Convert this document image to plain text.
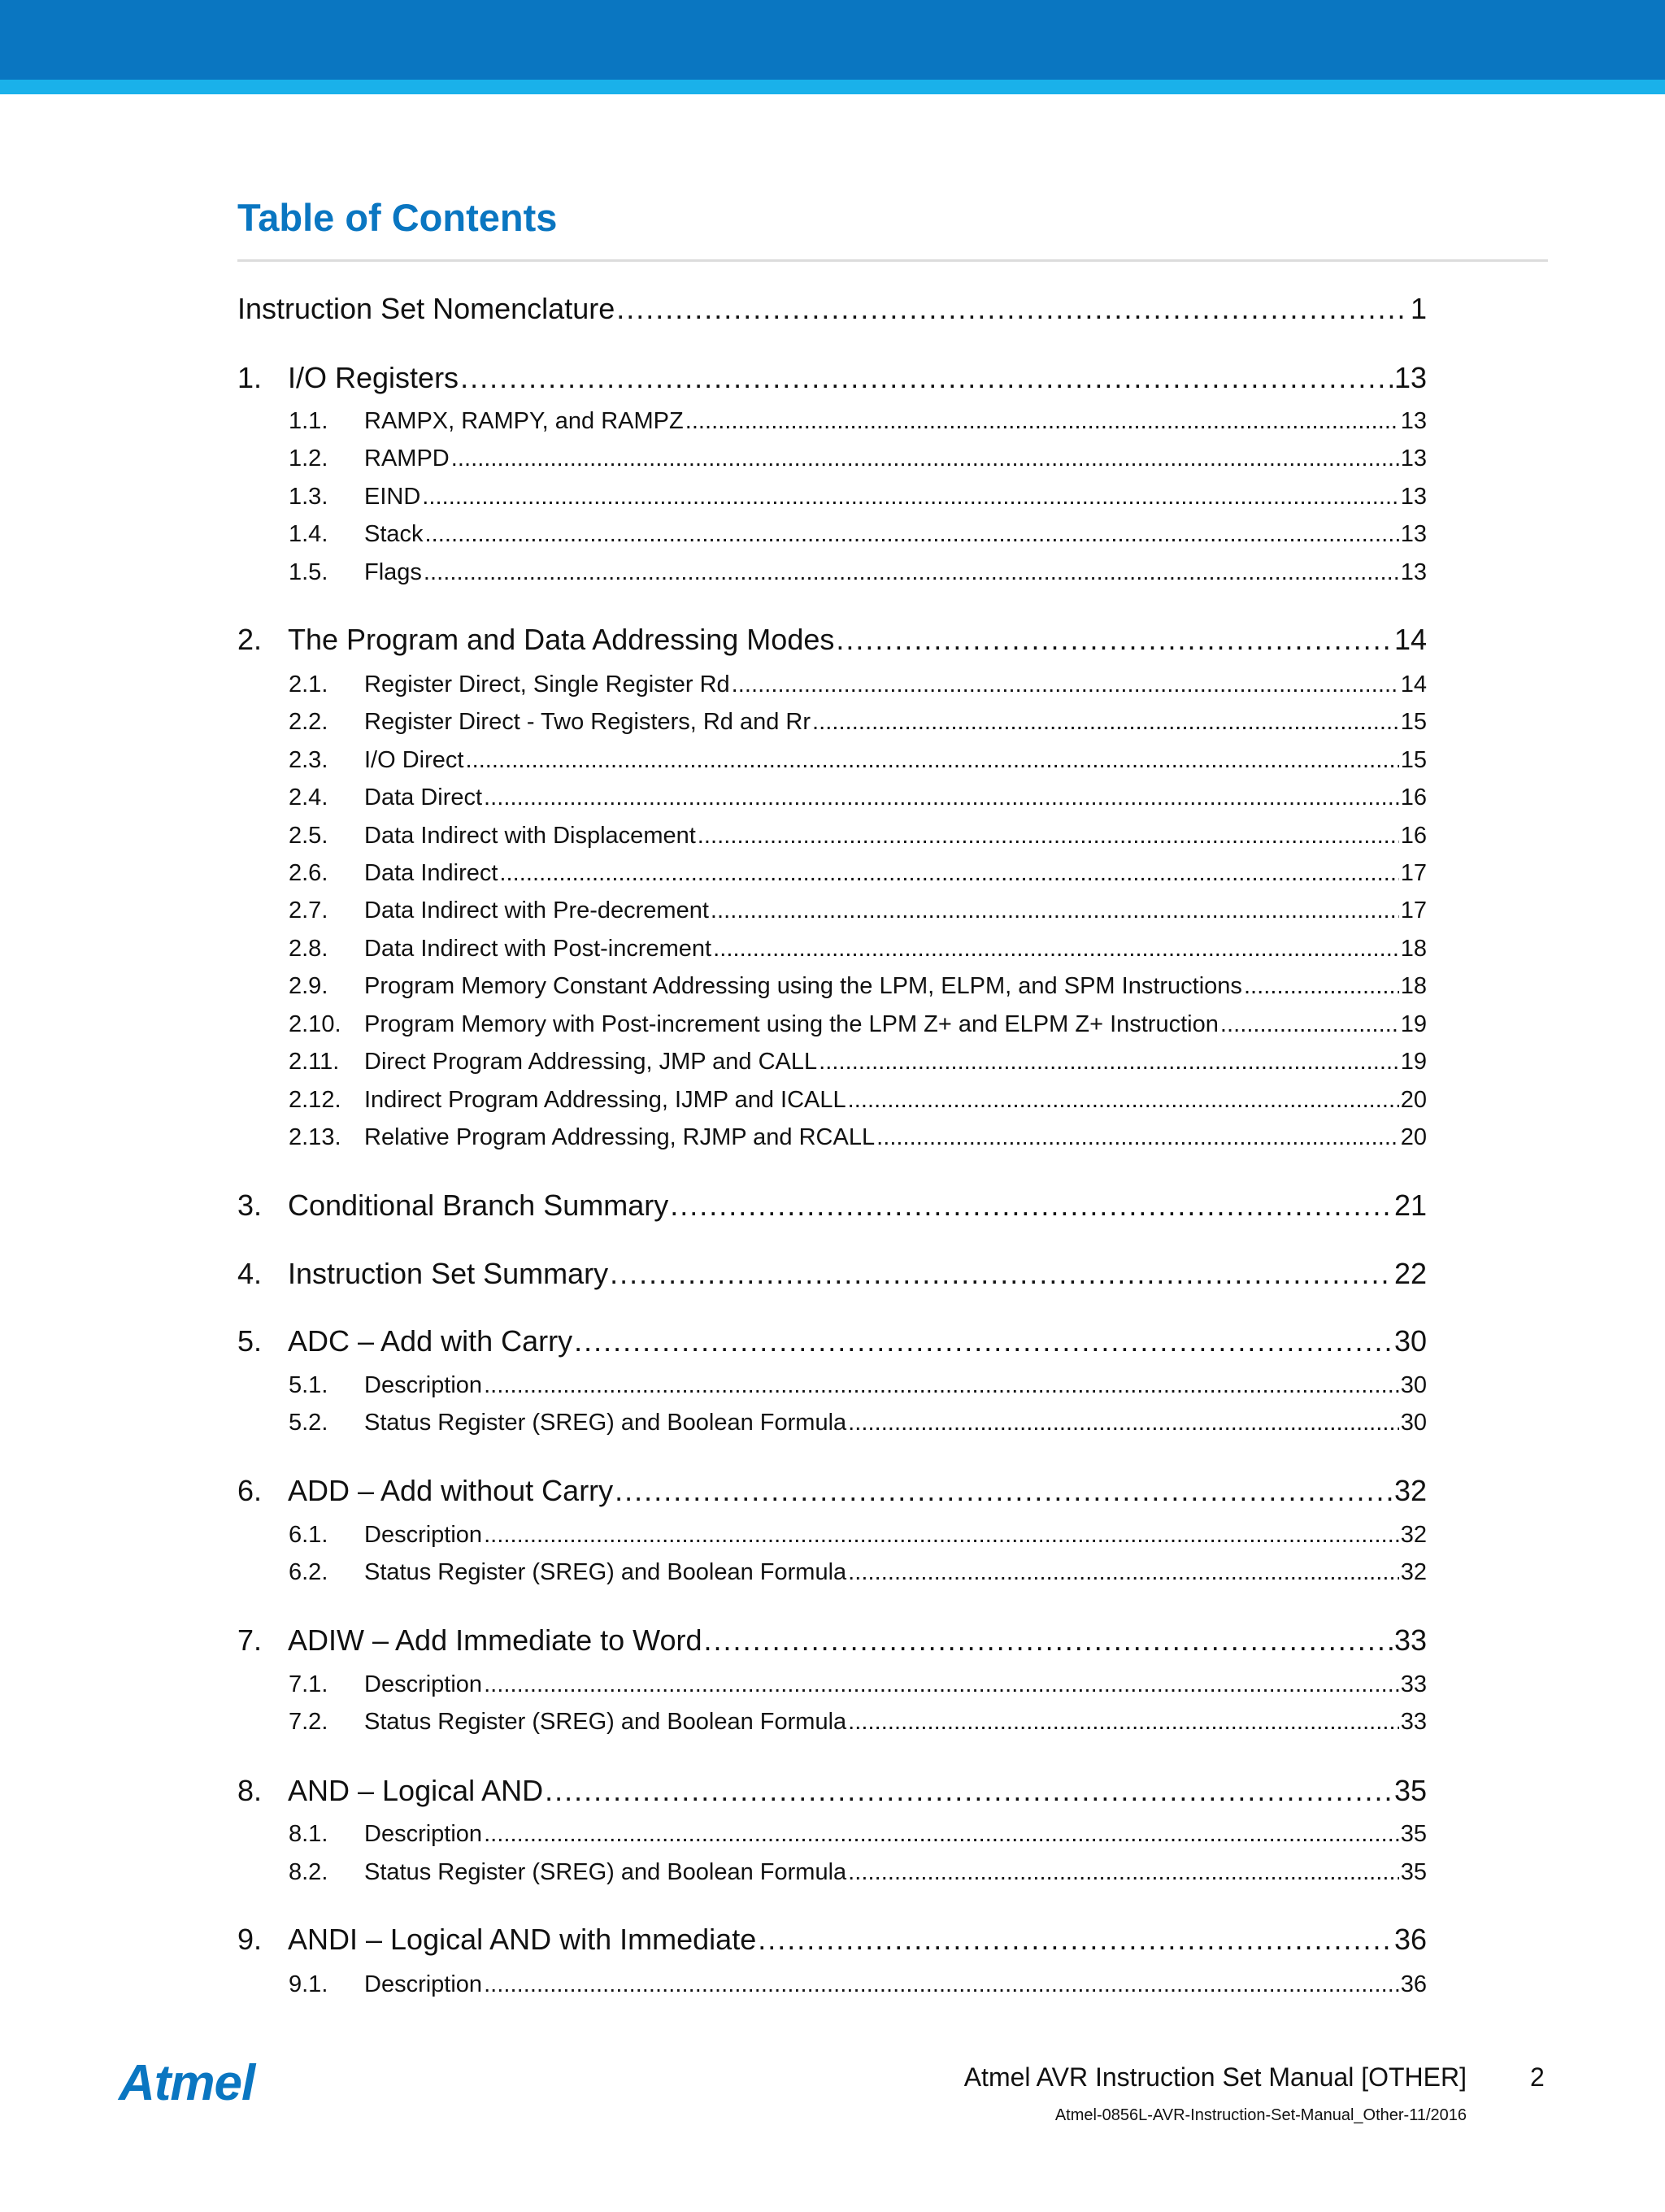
Table of Contents
Instruction Set Nomenclature . . .	1
1. I/O Registers . . .	13
1.1.	RAMPX, RAMPY, and RAMPZ . . .	13
1.2.	RAMPD . . .	13
1.3.	EIND . . .	13
1.4.	Stack . . .	13
1.5.	Flags . . .	13
2. The Program and Data Addressing Modes . . .	14
2.1.	Register Direct, Single Register Rd . . .	14
2.2.	Register Direct - Two Registers, Rd and Rr . . .	15
2.3.	I/O Direct . . .	15
2.4.	Data Direct . . .	16
2.5.	Data Indirect with Displacement . . .	16
2.6.	Data Indirect . . .	17
2.7.	Data Indirect with Pre-decrement . . .	17
2.8.	Data Indirect with Post-increment . . .	18
2.9.	Program Memory Constant Addressing using the LPM, ELPM, and SPM Instructions . . .	18
2.10. Program Memory with Post-increment using the LPM Z+ and ELPM Z+ Instruction . . .	19
2.11.	Direct Program Addressing, JMP and CALL . . .	19
2.12. Indirect Program Addressing, IJMP and ICALL . . .	20
2.13. Relative Program Addressing, RJMP and RCALL . . .	20
3. Conditional Branch Summary . . .	21
4. Instruction Set Summary . . .	22
5. ADC – Add with Carry . . .	30
5.1.	Description . . .	30
5.2.	Status Register (SREG) and Boolean Formula . . .	30
6. ADD – Add without Carry . . .	32
6.1.	Description . . .	32
6.2.	Status Register (SREG) and Boolean Formula . . .	32
7. ADIW – Add Immediate to Word . . .	33
7.1.	Description . . .	33
7.2.	Status Register (SREG) and Boolean Formula . . .	33
8. AND – Logical AND . . .	35
8.1.	Description . . .	35
8.2.	Status Register (SREG) and Boolean Formula . . .	35
9. ANDI – Logical AND with Immediate . . .	36
9.1.	Description . . .	36
Atmel	Atmel AVR Instruction Set Manual [OTHER] 2
Atmel-0856L-AVR-Instruction-Set-Manual_Other-11/2016
